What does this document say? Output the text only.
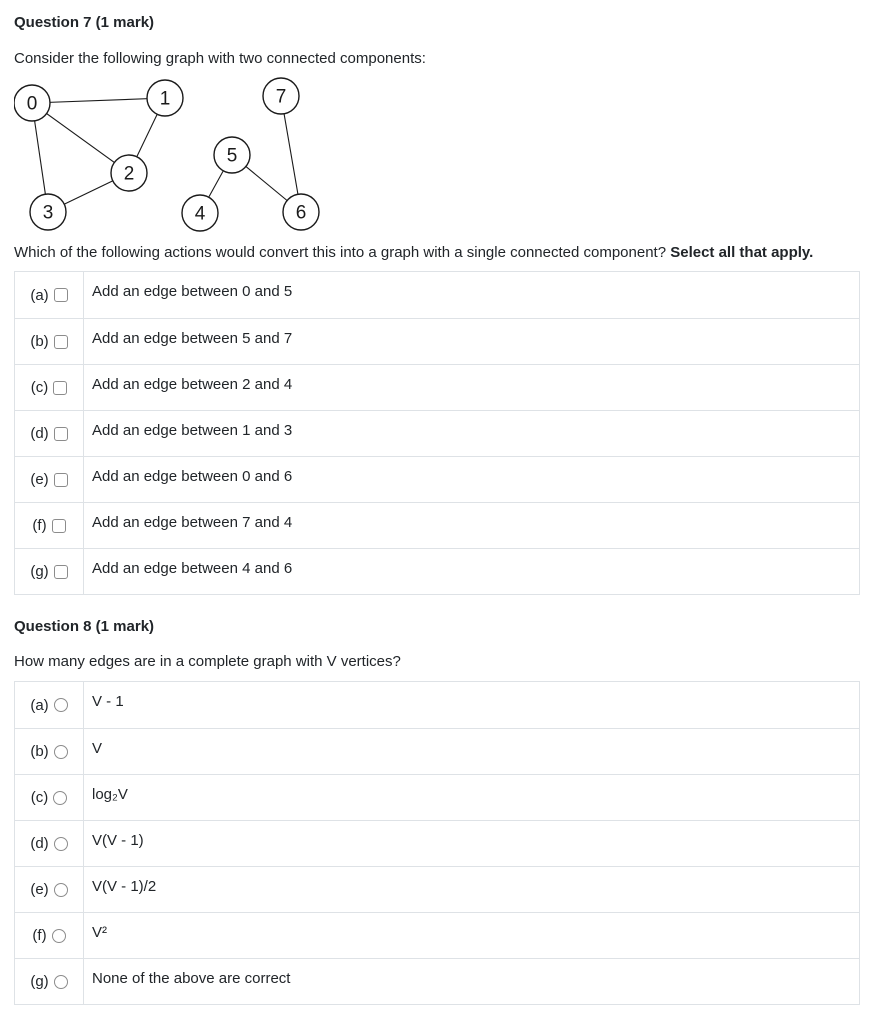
Question 7 (1 mark)

Consider the following graph with two connected components:

0	1
2
3	4
5
6
7

Which of the following actions would convert this into a graph with a single connected component? Select all that apply.

(a)	Add an edge between 0 and 5
(b)	Add an edge between 5 and 7
(c)	Add an edge between 2 and 4
(d)	Add an edge between 1 and 3
(e)	Add an edge between 0 and 6
(f)	Add an edge between 7 and 4
(g)	Add an edge between 4 and 6
Question 8 (1 mark)

How many edges are in a complete graph with V vertices?

(a)	V - 1
(b)	V
(c)	log₂V
(d)	V(V - 1)
(e)	V(V - 1)/2
(f)	V²
(g)	None of the above are correct
